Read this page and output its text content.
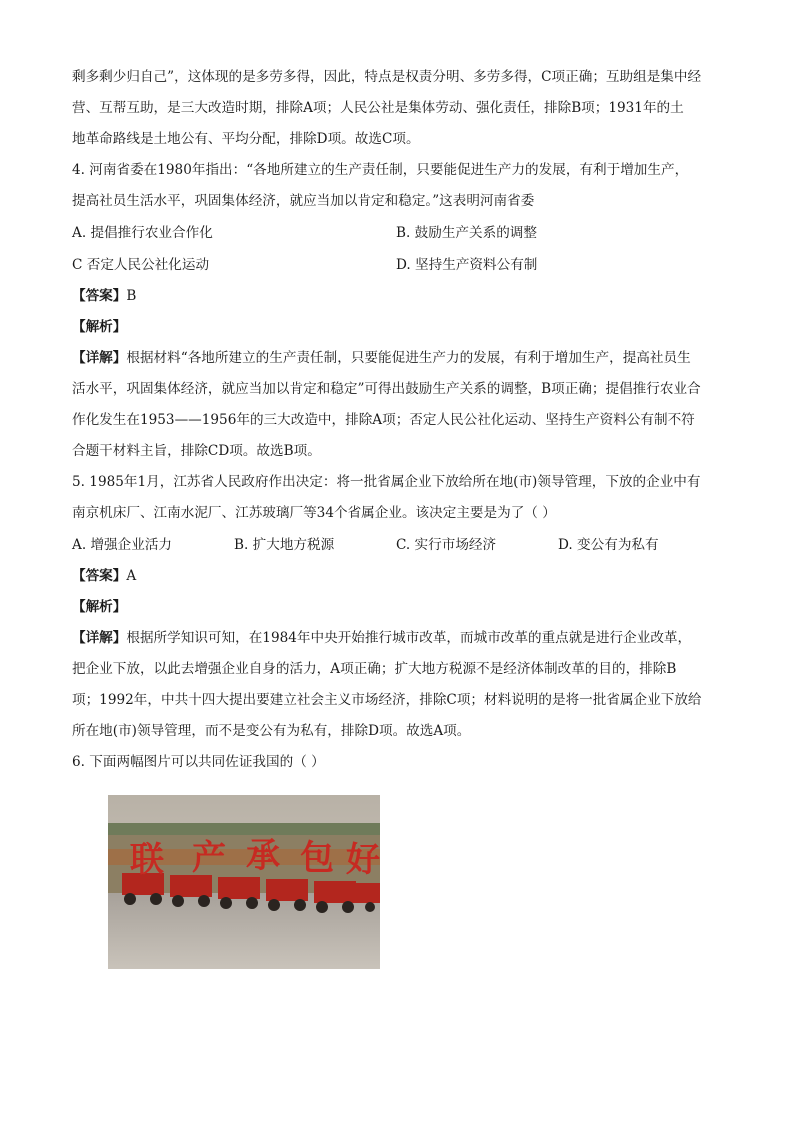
剩多剩少归自己”，这体现的是多劳多得，因此，特点是权责分明、多劳多得，C项正确；互助组是集中经

营、互帮互助，是三大改造时期，排除A项；人民公社是集体劳动、强化责任，排除B项；1931年的土

地革命路线是土地公有、平均分配，排除D项。故选C项。

4. 河南省委在1980年指出：“各地所建立的生产责任制，只要能促进生产力的发展，有利于增加生产，

提高社员生活水平，巩固集体经济，就应当加以肯定和稳定。”这表明河南省委

A. 提倡推行农业合作化	B. 鼓励生产关系的调整
C 否定人民公社化运动	D. 坚持生产资料公有制

【答案】B

【解析】

【详解】根据材料“各地所建立的生产责任制，只要能促进生产力的发展，有利于增加生产，提高社员生

活水平，巩固集体经济，就应当加以肯定和稳定”可得出鼓励生产关系的调整，B项正确；提倡推行农业合

作化发生在1953——1956年的三大改造中，排除A项；否定人民公社化运动、坚持生产资料公有制不符

合题干材料主旨，排除CD项。故选B项。

5. 1985年1月，江苏省人民政府作出决定：将一批省属企业下放给所在地(市)领导管理，下放的企业中有

南京机床厂、江南水泥厂、江苏玻璃厂等34个省属企业。该决定主要是为了（ ）

A. 增强企业活力	B. 扩大地方税源	C. 实行市场经济	D. 变公有为私有

【答案】A

【解析】

【详解】根据所学知识可知，在1984年中央开始推行城市改革，而城市改革的重点就是进行企业改革，

把企业下放，以此去增强企业自身的活力，A项正确；扩大地方税源不是经济体制改革的目的，排除B

项；1992年，中共十四大提出要建立社会主义市场经济，排除C项；材料说明的是将一批省属企业下放给

所在地(市)领导管理，而不是变公有为私有，排除D项。故选A项。

6. 下面两幅图片可以共同佐证我国的（ ）

联 产 承 包 好
